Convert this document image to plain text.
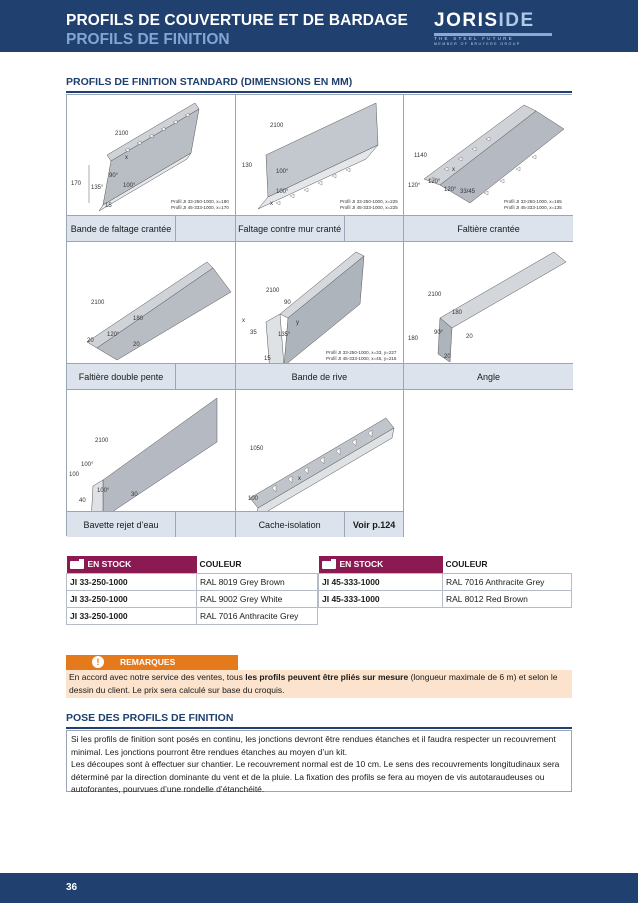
PROFILS DE COUVERTURE ET DE BARDAGE
PROFILS DE FINITION
JORISIDE
THE STEEL FUTURE
MEMBER OF BRUYERE GROUP
PROFILS DE FINITION STANDARD (DIMENSIONS EN MM)
2100
x
90°
170
135°	100°
15
Profil JI 33-250-1000, x=180
Profil JI 45-333-1000, x=170
Bande de faltage crantée
2100
130
100°
100°
x	Profil JI 33-250-1000, x=225
Profil JI 45-333-1000, x=225
Faltage contre mur cranté
1140
x
120°
120°
120° 33/45
Profil JI 33-250-1000, x=165
Profil JI 45-333-1000, x=135
Faltière crantée
2100
180
120°
20
20
Faltière double pente
2100
90
x	y
35	135°
15
Profil JI 33-250-1000, x=33, y=227
Profil JI 45-333-1000, x=45, y=215
Bande de rive
2100
180
90°
180	20
20
Angle
2100
100°
100
100°
30
40
Bavette rejet d’eau
1050
x
100
Cache-isolation	Voir p.124
EN STOCK	COULEUR
JI 33-250-1000	RAL 8019 Grey Brown
JI 33-250-1000	RAL 9002 Grey White
JI 33-250-1000	RAL 7016 Anthracite Grey
EN STOCK	COULEUR
JI 45-333-1000	RAL 7016 Anthracite Grey
JI 45-333-1000	RAL 8012 Red Brown
!	REMARQUES
En accord avec notre service des ventes, tous les profils peuvent être pliés sur mesure (longueur maximale de 6 m) et selon le dessin du client. Le prix sera calculé sur base du croquis.
POSE DES PROFILS DE FINITION

Si les profils de finition sont posés en continu, les jonctions devront être rendues étanches et il faudra respecter un recouvrement minimal. Les jonctions pourront être rendues étanches au moyen d’un kit.

Les découpes sont à effectuer sur chantier. Le recouvrement normal est de 10 cm. Le sens des recouvrements longitudinaux sera déterminé par la direction dominante du vent et de la pluie. La fixation des profils se fera au moyen de vis autotaraudeuses ou autoforantes, pourvues d’une rondelle d’étanchéité.

36
